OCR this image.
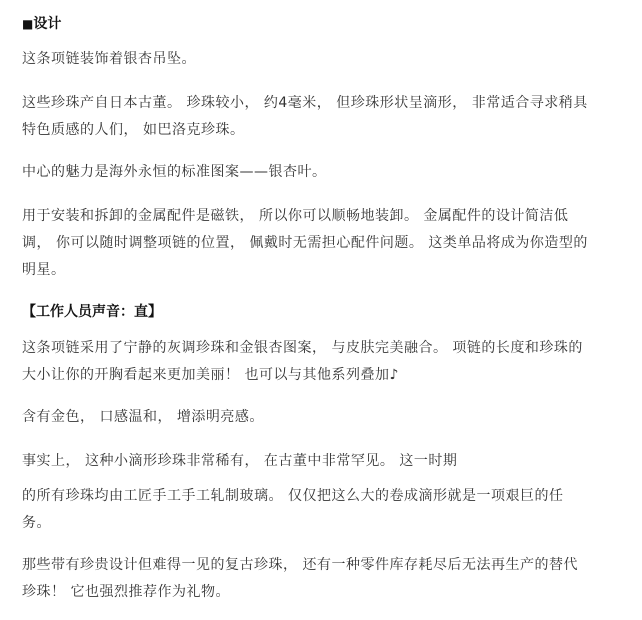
■设计

这条项链装饰着银杏吊坠。

这些珍珠产自日本古董。 珍珠较小， 约4毫米， 但珍珠形状呈滴形， 非常适合寻求稍具特色质感的人们， 如巴洛克珍珠。

中心的魅力是海外永恒的标准图案——银杏叶。

用于安装和拆卸的金属配件是磁铁， 所以你可以顺畅地装卸。 金属配件的设计简洁低调， 你可以随时调整项链的位置， 佩戴时无需担心配件问题。 这类单品将成为你造型的明星。

【工作人员声音：直】

这条项链采用了宁静的灰调珍珠和金银杏图案， 与皮肤完美融合。 项链的长度和珍珠的大小让你的开胸看起来更加美丽！ 也可以与其他系列叠加♪

含有金色， 口感温和， 增添明亮感。

事实上， 这种小滴形珍珠非常稀有， 在古董中非常罕见。 这一时期

的所有珍珠均由工匠手工手工轧制玻璃。 仅仅把这么大的卷成滴形就是一项艰巨的任务。

那些带有珍贵设计但难得一见的复古珍珠， 还有一种零件库存耗尽后无法再生产的替代珍珠！ 它也强烈推荐作为礼物。
